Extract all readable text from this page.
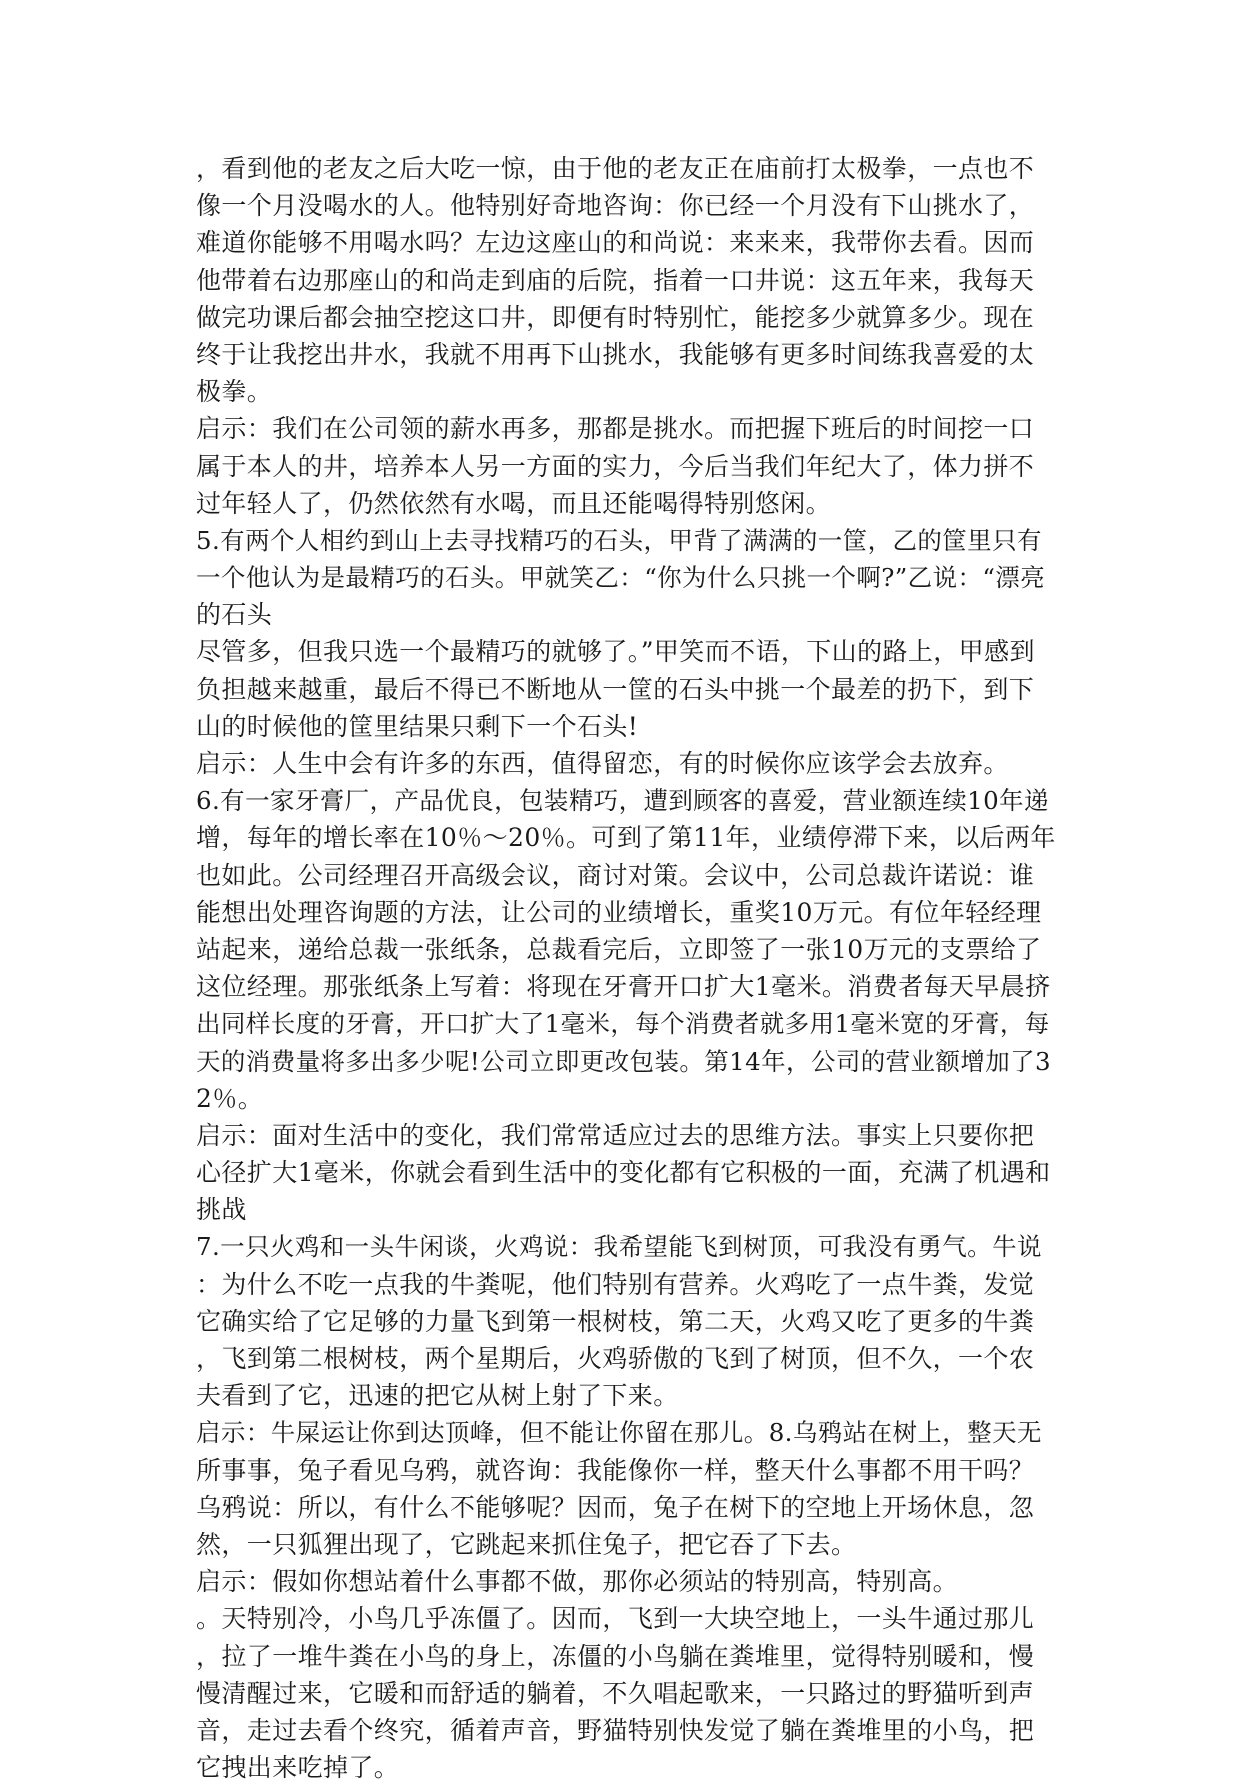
，看到他的老友之后大吃一惊，由于他的老友正在庙前打太极拳，一点也不
像一个月没喝水的人。他特别好奇地咨询：你已经一个月没有下山挑水了，
难道你能够不用喝水吗？左边这座山的和尚说：来来来，我带你去看。因而
他带着右边那座山的和尚走到庙的后院，指着一口井说：这五年来，我每天
做完功课后都会抽空挖这口井，即便有时特别忙，能挖多少就算多少。现在
终于让我挖出井水，我就不用再下山挑水，我能够有更多时间练我喜爱的太
极拳。
启示：我们在公司领的薪水再多，那都是挑水。而把握下班后的时间挖一口
属于本人的井，培养本人另一方面的实力，今后当我们年纪大了，体力拼不
过年轻人了，仍然依然有水喝，而且还能喝得特别悠闲。
5.有两个人相约到山上去寻找精巧的石头，甲背了满满的一筐，乙的筐里只有
一个他认为是最精巧的石头。甲就笑乙：“你为什么只挑一个啊?”乙说：“漂亮
的石头
尽管多，但我只选一个最精巧的就够了。”甲笑而不语，下山的路上，甲感到
负担越来越重，最后不得已不断地从一筐的石头中挑一个最差的扔下，到下
山的时候他的筐里结果只剩下一个石头!
启示：人生中会有许多的东西，值得留恋，有的时候你应该学会去放弃。
6.有一家牙膏厂，产品优良，包装精巧，遭到顾客的喜爱，营业额连续10年递
增，每年的增长率在10％～20％。可到了第11年，业绩停滞下来，以后两年
也如此。公司经理召开高级会议，商讨对策。会议中，公司总裁许诺说：谁
能想出处理咨询题的方法，让公司的业绩增长，重奖10万元。有位年轻经理
站起来，递给总裁一张纸条，总裁看完后，立即签了一张10万元的支票给了
这位经理。那张纸条上写着：将现在牙膏开口扩大1毫米。消费者每天早晨挤
出同样长度的牙膏，开口扩大了1毫米，每个消费者就多用1毫米宽的牙膏，每
天的消费量将多出多少呢!公司立即更改包装。第14年，公司的营业额增加了3
2％。
启示：面对生活中的变化，我们常常适应过去的思维方法。事实上只要你把
心径扩大1毫米，你就会看到生活中的变化都有它积极的一面，充满了机遇和
挑战
7.一只火鸡和一头牛闲谈，火鸡说：我希望能飞到树顶，可我没有勇气。牛说
：为什么不吃一点我的牛粪呢，他们特别有营养。火鸡吃了一点牛粪，发觉
它确实给了它足够的力量飞到第一根树枝，第二天，火鸡又吃了更多的牛粪
，飞到第二根树枝，两个星期后，火鸡骄傲的飞到了树顶，但不久，一个农
夫看到了它，迅速的把它从树上射了下来。
启示：牛屎运让你到达顶峰，但不能让你留在那儿。8.乌鸦站在树上，整天无
所事事，兔子看见乌鸦，就咨询：我能像你一样，整天什么事都不用干吗？
乌鸦说：所以，有什么不能够呢？因而，兔子在树下的空地上开场休息，忽
然，一只狐狸出现了，它跳起来抓住兔子，把它吞了下去。
启示：假如你想站着什么事都不做，那你必须站的特别高，特别高。
。天特别冷，小鸟几乎冻僵了。因而，飞到一大块空地上，一头牛通过那儿
，拉了一堆牛粪在小鸟的身上，冻僵的小鸟躺在粪堆里，觉得特别暖和，慢
慢清醒过来，它暖和而舒适的躺着，不久唱起歌来，一只路过的野猫听到声
音，走过去看个终究，循着声音，野猫特别快发觉了躺在粪堆里的小鸟，把
它拽出来吃掉了。
